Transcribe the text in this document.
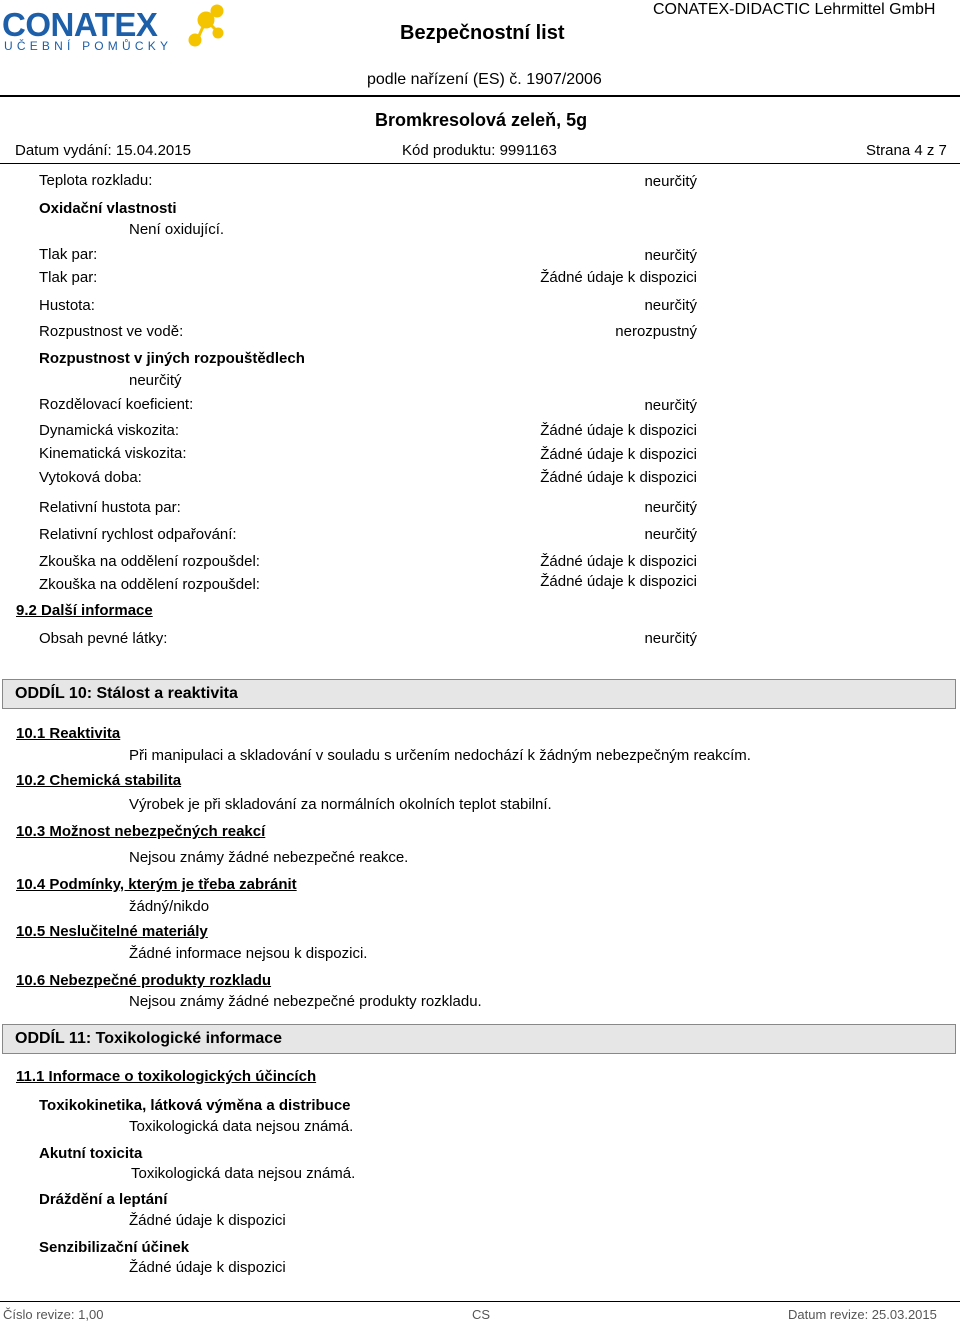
CONATEX
UČEBNÍ POMŮCKY
Bezpečnostní list
CONATEX-DIDACTIC Lehrmittel GmbH
podle nařízení (ES) č. 1907/2006
Bromkresolová zeleň, 5g
Datum vydání: 15.04.2015	Kód produktu: 9991163	Strana 4 z 7
Teplota rozkladu:	neurčitý
Oxidační vlastnosti
Není oxidující.
Tlak par:	neurčitý
Tlak par:	Žádné údaje k dispozici
Hustota:	neurčitý
Rozpustnost ve vodě:	nerozpustný
Rozpustnost v jiných rozpouštědlech
neurčitý
Rozdělovací koeficient:	neurčitý
Dynamická viskozita:	Žádné údaje k dispozici
Kinematická viskozita:	Žádné údaje k dispozici
Vytoková doba:	Žádné údaje k dispozici
Relativní hustota par:	neurčitý
Relativní rychlost odpařování:	neurčitý
Zkouška na oddělení rozpoušdel:	Žádné údaje k dispozici
Zkouška na oddělení rozpoušdel:	Žádné údaje k dispozici
9.2 Další informace
Obsah pevné látky:	neurčitý
ODDÍL 10: Stálost a reaktivita
10.1 Reaktivita
Při manipulaci a skladování v souladu s určením nedochází k žádným nebezpečným reakcím.
10.2 Chemická stabilita
Výrobek je při skladování za normálních okolních teplot stabilní.
10.3 Možnost nebezpečných reakcí
Nejsou známy žádné nebezpečné reakce.
10.4 Podmínky, kterým je třeba zabránit
žádný/nikdo
10.5 Neslučitelné materiály
Žádné informace nejsou k dispozici.
10.6 Nebezpečné produkty rozkladu
Nejsou známy žádné nebezpečné produkty rozkladu.
ODDÍL 11: Toxikologické informace
11.1 Informace o toxikologických účincích
Toxikokinetika, látková výměna a distribuce
Toxikologická data nejsou známá.
Akutní toxicita
Toxikologická data nejsou známá.
Dráždění a leptání
Žádné údaje k dispozici
Senzibilizační účinek
Žádné údaje k dispozici
Číslo revize: 1,00	CS	Datum revize: 25.03.2015
